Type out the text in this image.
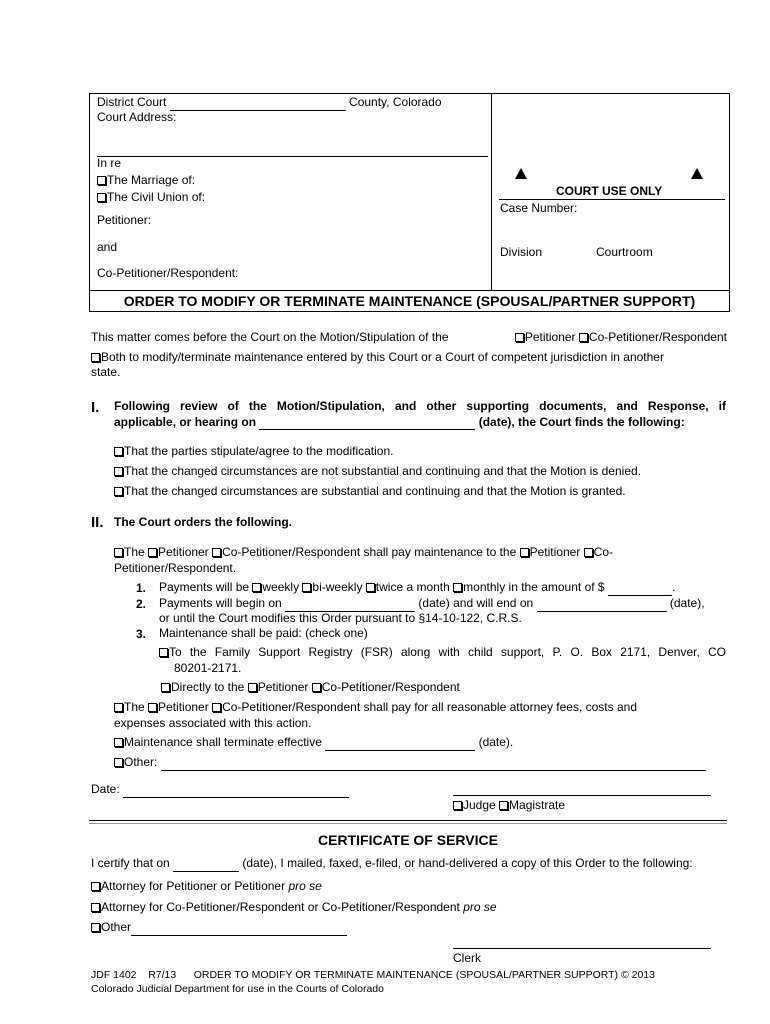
District Court	County, Colorado
Court Address:
In re
The Marriage of:
The Civil Union of:
Petitioner:
and
Co-Petitioner/Respondent:
COURT USE ONLY
Case Number:
Division	Courtroom
ORDER TO MODIFY OR TERMINATE MAINTENANCE (SPOUSAL/PARTNER SUPPORT)
This matter comes before the Court on the Motion/Stipulation of the	Petitioner Co-Petitioner/Respondent
Both to modify/terminate maintenance entered by this Court or a Court of competent jurisdiction in another
state.
I. Following review of the Motion/Stipulation, and other supporting documents, and Response, if
applicable, or hearing on	(date), the Court finds the following:
That the parties stipulate/agree to the modification.
That the changed circumstances are not substantial and continuing and that the Motion is denied.
That the changed circumstances are substantial and continuing and that the Motion is granted.
II. The Court orders the following.
The Petitioner Co-Petitioner/Respondent shall pay maintenance to the Petitioner Co-
Petitioner/Respondent.
1. Payments will be weekly bi-weekly twice a month monthly in the amount of $	.
2. Payments will begin on	(date) and will end on	(date),
or until the Court modifies this Order pursuant to §14-10-122, C.R.S.
3. Maintenance shall be paid: (check one)
To the Family Support Registry (FSR) along with child support, P. O. Box 2171, Denver, CO
80201-2171.
Directly to the Petitioner Co-Petitioner/Respondent
The Petitioner Co-Petitioner/Respondent shall pay for all reasonable attorney fees, costs and
expenses associated with this action.
Maintenance shall terminate effective	(date).
Other:
Date:
Judge Magistrate
CERTIFICATE OF SERVICE
I certify that on	(date), I mailed, faxed, e-filed, or hand-delivered a copy of this Order to the following:
Attorney for Petitioner or Petitioner pro se
Attorney for Co-Petitioner/Respondent or Co-Petitioner/Respondent pro se
Other
Clerk
JDF 1402    R7/13      ORDER TO MODIFY OR TERMINATE MAINTENANCE (SPOUSAL/PARTNER SUPPORT) © 2013
Colorado Judicial Department for use in the Courts of Colorado
